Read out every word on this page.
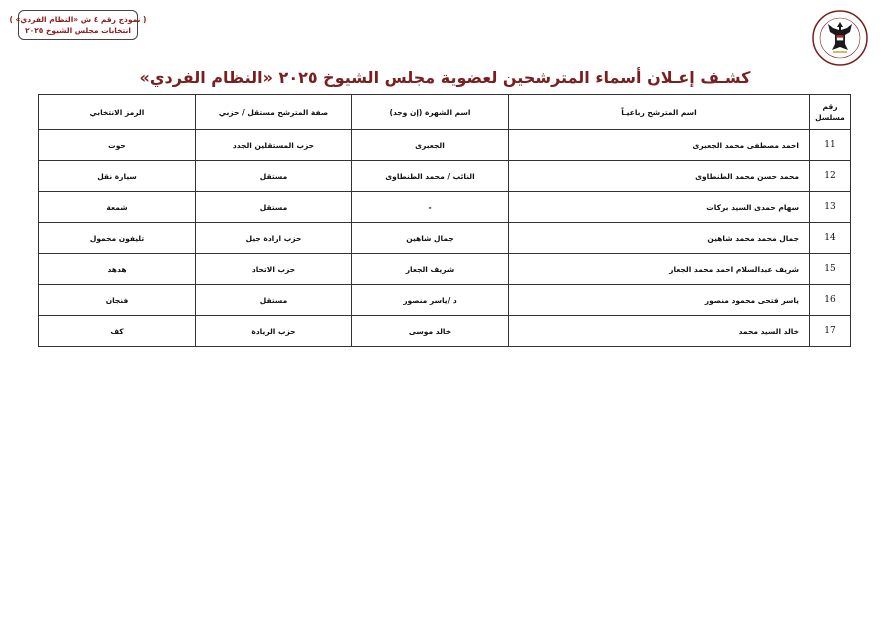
( نموذج رقم ٤ ش «النظام الفردي» )
انتخابات مجلس الشيوخ ٢٠٢٥
كشـف إعـلان أسماء المترشحين لعضوية مجلس الشيوخ ٢٠٢٥ «النظام الفردي»
رقم مسلسل	اسم المترشح رباعيـاً	اسم الشهرة (إن وجد)	صفة المترشح مستقل / حزبي	الرمز الانتخابي
11	احمد مصطفى محمد الجعبرى	الجعبرى	حزب المستقلين الجدد	حوت
12	محمد حسن محمد الطنطاوى	النائب / محمد الطنطاوى	مستقل	سيارة نقل
13	سهام حمدى السيد بركات	-	مستقل	شمعة
14	جمال محمد محمد شاهين	جمال شاهين	حزب ارادة جيل	تليفون محمول
15	شريف عبدالسلام احمد محمد الجعار	شريف الجعار	حزب الاتحاد	هدهد
16	ياسر فتحى محمود منصور	د /ياسر منصور	مستقل	فنجان
17	خالد السيد محمد	خالد موسى	حزب الريادة	كف
